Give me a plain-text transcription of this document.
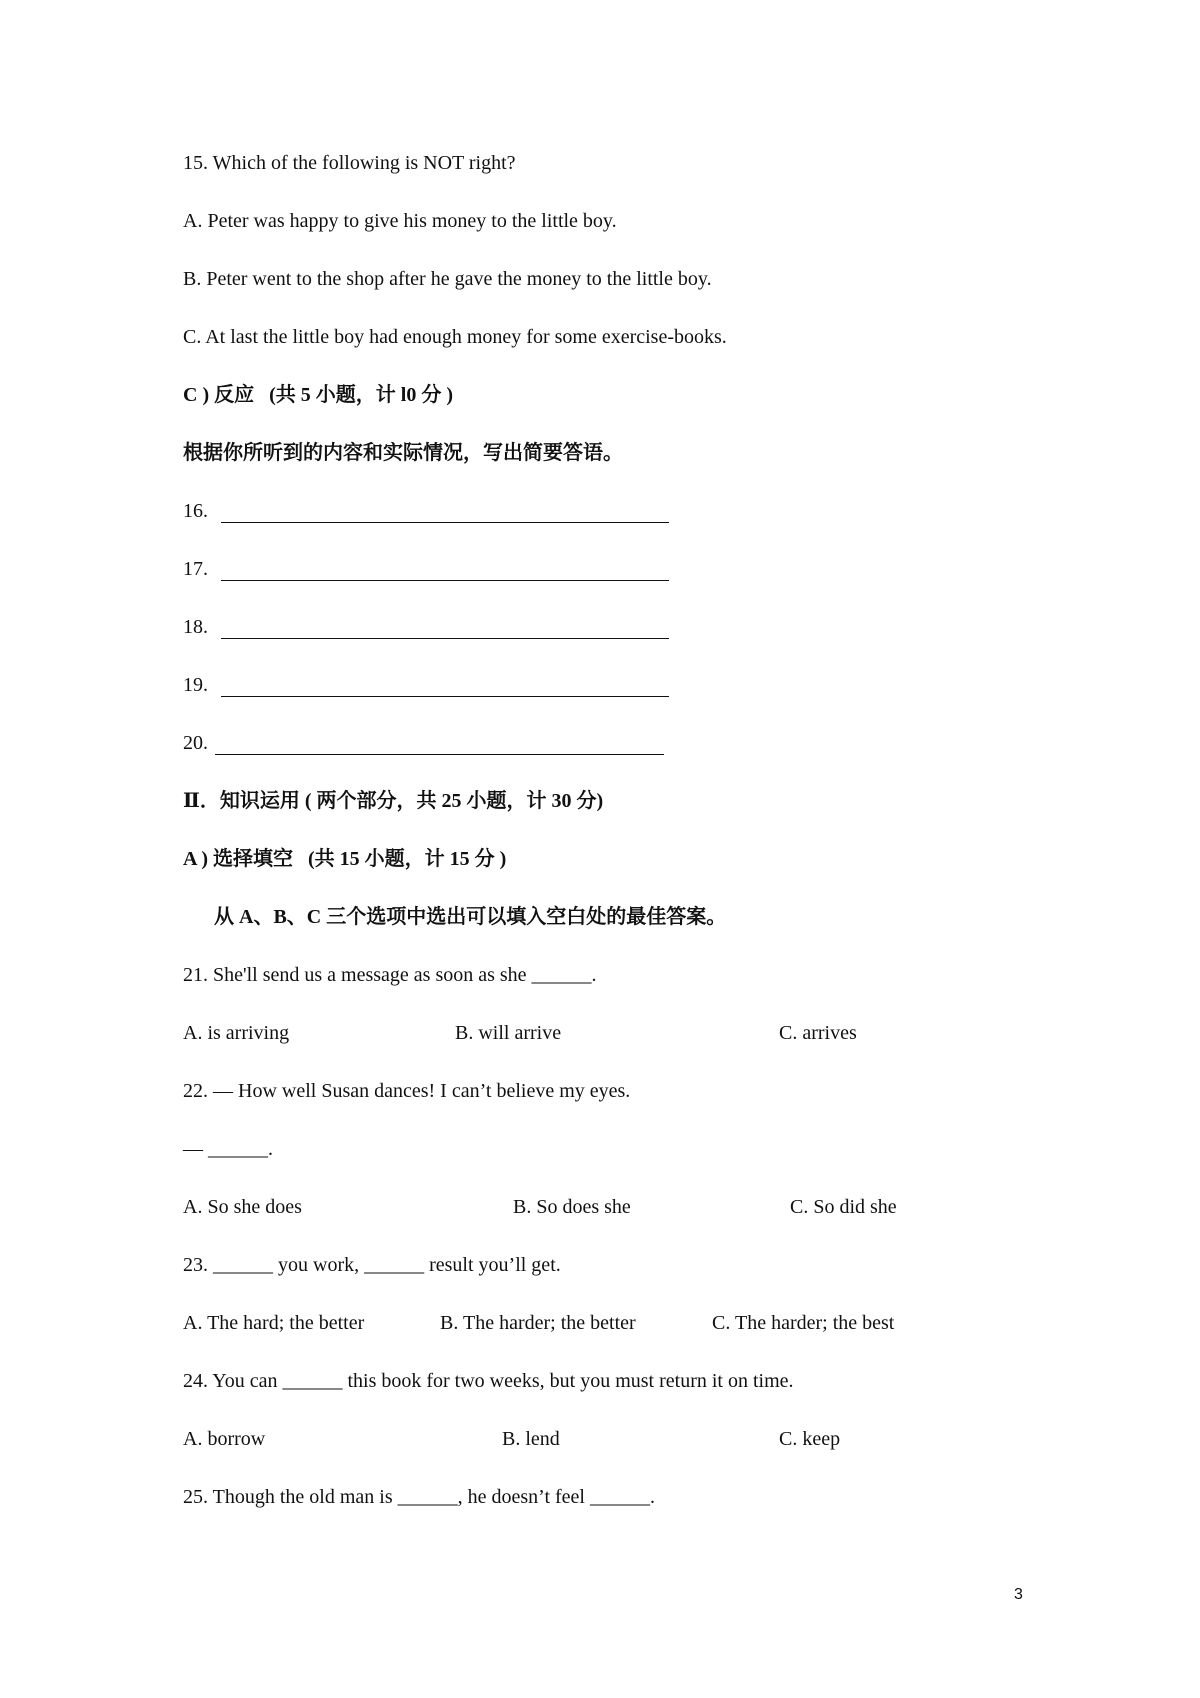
15. Which of the following is NOT right?
A. Peter was happy to give his money to the little boy.
B. Peter went to the shop after he gave the money to the little boy.
C. At last the little boy had enough money for some exercise-books.
C ) 反应   (共 5 小题，计 l0 分 )
根据你所听到的内容和实际情况，写出简要答语。
16.
17.
18.
19.
20.
Ⅱ．知识运用 ( 两个部分，共 25 小题，计 30 分)
A ) 选择填空   (共 15 小题，计 15 分 )
从 A、B、C 三个选项中选出可以填入空白处的最佳答案。
21. She'll send us a message as soon as she ______.
A. is arriving	B. will arrive	C. arrives
22. — How well Susan dances! I can’t believe my eyes.
— ______.
A. So she does	B. So does she	C. So did she
23. ______ you work, ______ result you’ll get.
A. The hard; the better	B. The harder; the better	C. The harder; the best
24. You can ______ this book for two weeks, but you must return it on time.
A. borrow	B. lend	C. keep
25. Though the old man is ______, he doesn’t feel ______.
3
